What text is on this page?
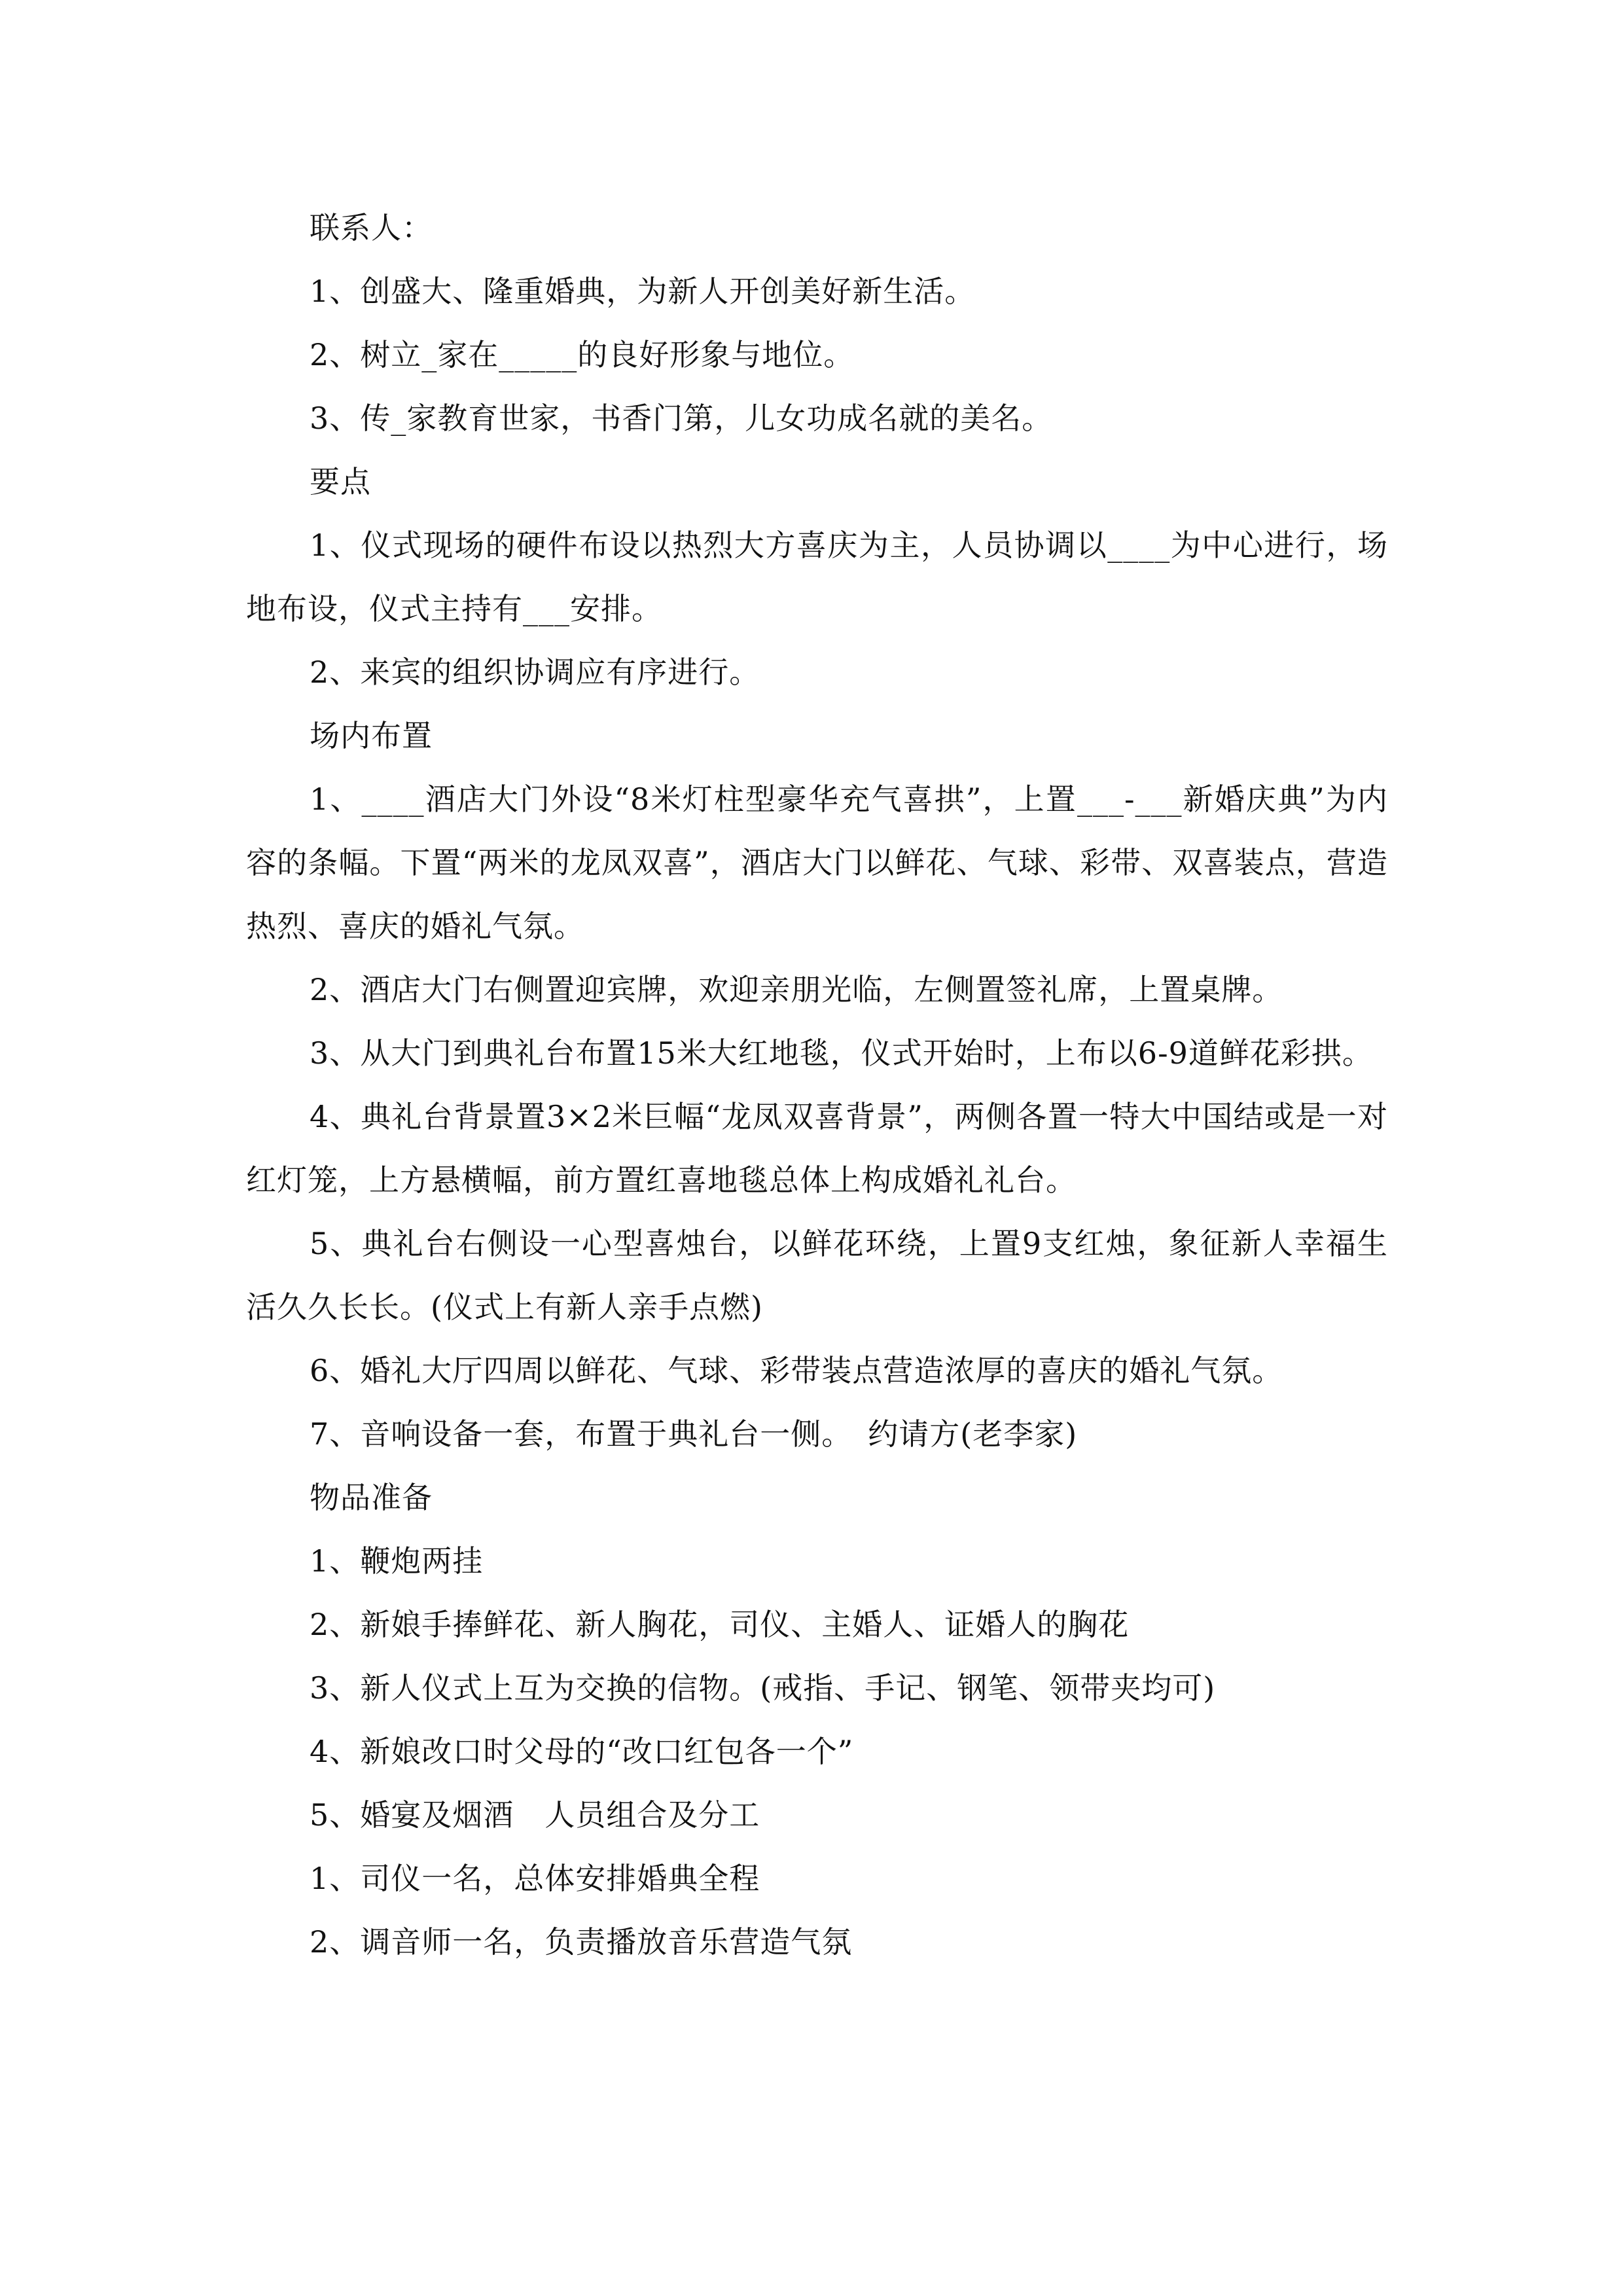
联系人：

1、创盛大、隆重婚典，为新人开创美好新生活。

2、树立_家在_____的良好形象与地位。

3、传_家教育世家，书香门第，儿女功成名就的美名。

要点

1、仪式现场的硬件布设以热烈大方喜庆为主，人员协调以____为中心进行，场地布设，仪式主持有___安排。

2、来宾的组织协调应有序进行。

场内布置

1、____酒店大门外设“8米灯柱型豪华充气喜拱”，上置___-___新婚庆典”为内容的条幅。下置“两米的龙凤双喜”，酒店大门以鲜花、气球、彩带、双喜装点，营造热烈、喜庆的婚礼气氛。

2、酒店大门右侧置迎宾牌，欢迎亲朋光临，左侧置签礼席，上置桌牌。

3、从大门到典礼台布置15米大红地毯，仪式开始时，上布以6-9道鲜花彩拱。

4、典礼台背景置3×2米巨幅“龙凤双喜背景”，两侧各置一特大中国结或是一对红灯笼，上方悬横幅，前方置红喜地毯总体上构成婚礼礼台。

5、典礼台右侧设一心型喜烛台，以鲜花环绕，上置9支红烛，象征新人幸福生活久久长长。(仪式上有新人亲手点燃)

6、婚礼大厅四周以鲜花、气球、彩带装点营造浓厚的喜庆的婚礼气氛。

7、音响设备一套，布置于典礼台一侧。　约请方(老李家)

物品准备

1、鞭炮两挂

2、新娘手捧鲜花、新人胸花，司仪、主婚人、证婚人的胸花

3、新人仪式上互为交换的信物。(戒指、手记、钢笔、领带夹均可)

4、新娘改口时父母的“改口红包各一个”

5、婚宴及烟酒　人员组合及分工

1、司仪一名，总体安排婚典全程

2、调音师一名，负责播放音乐营造气氛
